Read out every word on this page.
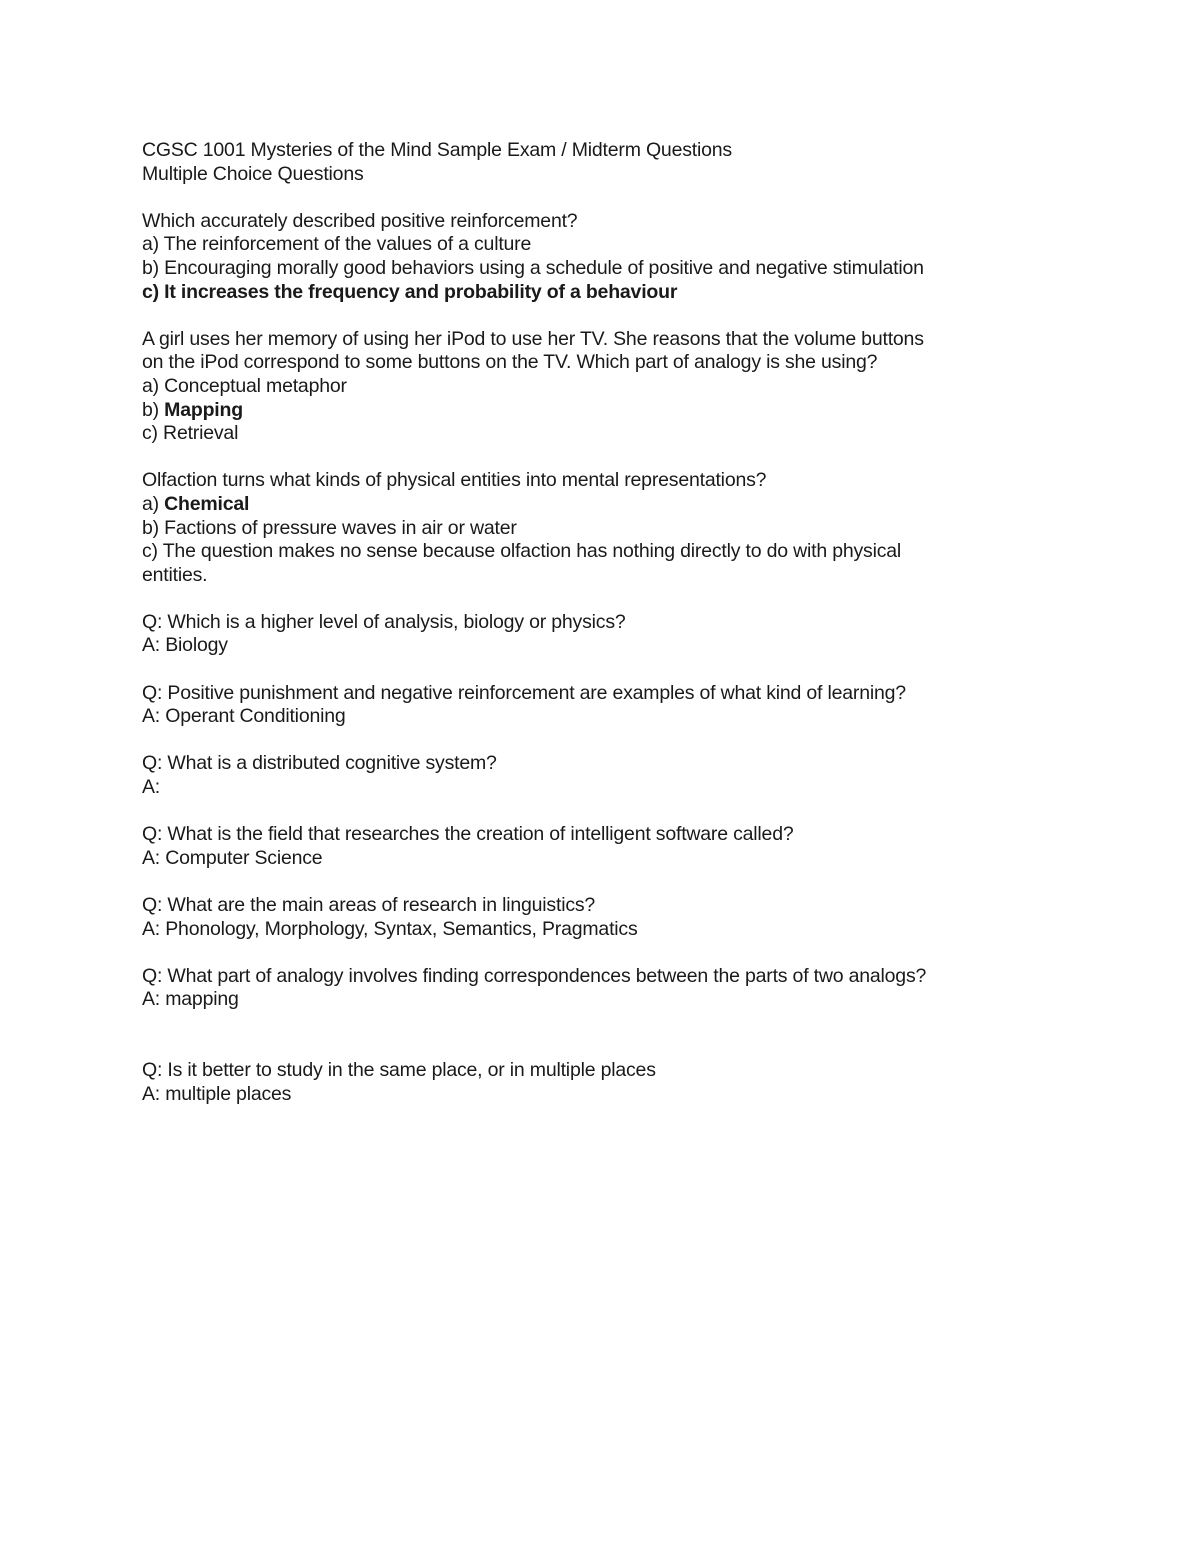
CGSC 1001 Mysteries of the Mind Sample Exam / Midterm Questions
Multiple Choice Questions
Which accurately described positive reinforcement?
a) The reinforcement of the values of a culture
b) Encouraging morally good behaviors using a schedule of positive and negative stimulation
c) It increases the frequency and probability of a behaviour
A girl uses her memory of using her iPod to use her TV. She reasons that the volume buttons
on the iPod correspond to some buttons on the TV. Which part of analogy is she using?
a) Conceptual metaphor
b) Mapping
c) Retrieval
Olfaction turns what kinds of physical entities into mental representations?
a) Chemical
b) Factions of pressure waves in air or water
c) The question makes no sense because olfaction has nothing directly to do with physical
entities.
Q: Which is a higher level of analysis, biology or physics?
A: Biology
Q: Positive punishment and negative reinforcement are examples of what kind of learning?
A: Operant Conditioning
Q: What is a distributed cognitive system?
A:
Q: What is the field that researches the creation of intelligent software called?
A: Computer Science
Q: What are the main areas of research in linguistics?
A: Phonology, Morphology, Syntax, Semantics, Pragmatics
Q: What part of analogy involves finding correspondences between the parts of two analogs?
A: mapping
Q: Is it better to study in the same place, or in multiple places
A: multiple places
